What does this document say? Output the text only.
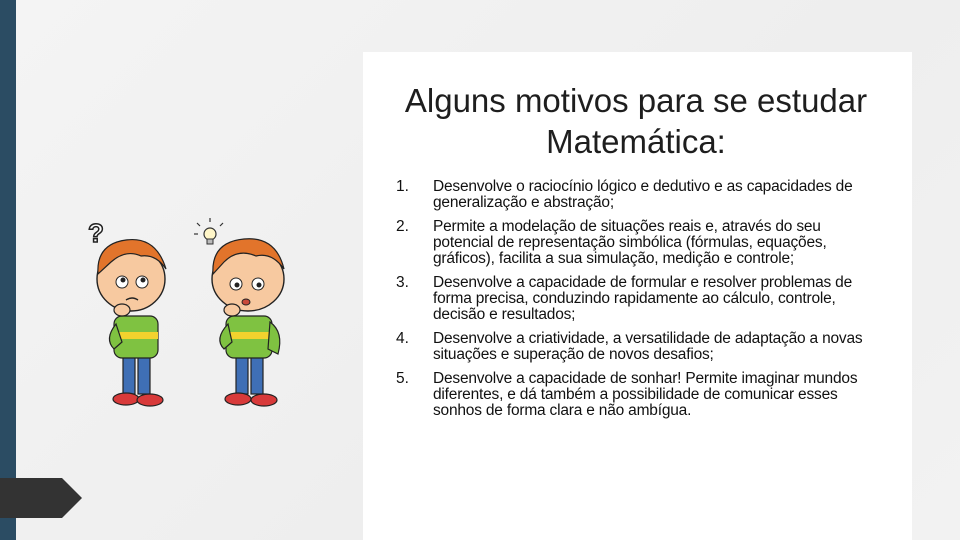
Alguns motivos para se estudar
Matemática:
1.	Desenvolve o raciocínio lógico e dedutivo e as capacidades de generalização e abstração;
2.	Permite a modelação de situações reais e, através do seu potencial de representação simbólica (fórmulas, equações, gráficos), facilita a sua simulação, medição e controle;
3.	Desenvolve a capacidade de formular e resolver problemas de forma precisa, conduzindo rapidamente ao cálculo, controle, decisão e resultados;
4.	Desenvolve a criatividade, a versatilidade de adaptação a novas situações e superação de novos desafios;
5.	Desenvolve a capacidade de sonhar! Permite imaginar mundos diferentes, e dá também a possibilidade de comunicar esses sonhos de forma clara e não ambígua.
?
